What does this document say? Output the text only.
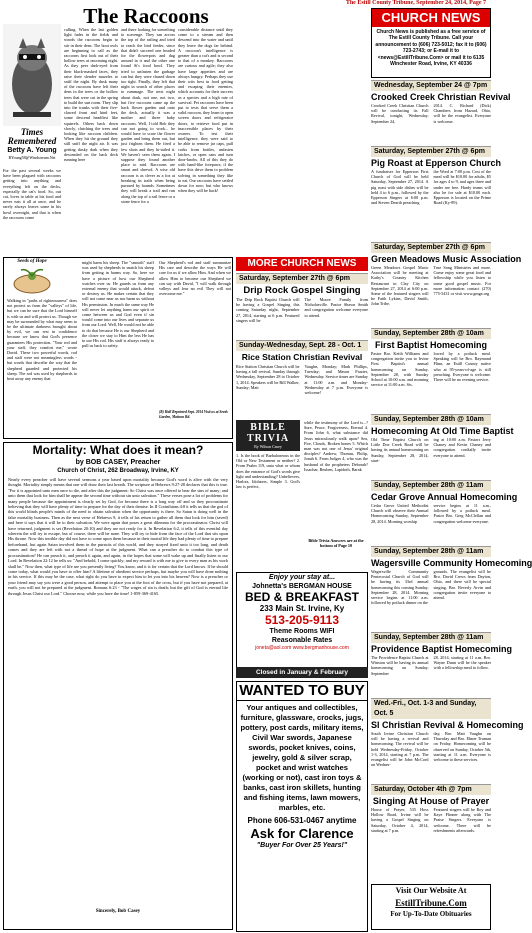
The Estill County Tribune, September 24, 2014, Page 7
The Raccoons
Times Remembered
Betty A. Young
BYoung58@Windstream.Net
For the past several weeks we have been plagued with raccoons getting into anything and everything left on the decks, especially the cat's food. So, out cat, loves to table at his food and never eats it all at once, and he rarely always leaves some in his bowl overnight, and that is when the raccoons come
calling. When the last golden light fades in the fields and woods the raccoons begin to stir in their dens. The hoot owls are beginning to call as the raccoons first look out of their hollow trees at oncoming night. As they peer dark-eyed from their black-masked faces, they raise their slender muzzles to sniff the night. By dusk many of the raccoons have left their dens in the trees or the hollow trees that were cut in the spring to build the sun room. They slip into the trunks with their five-clawed front and hind feet, some descend headfirst like squirrels. Others back down slowly, clutching the trees and looking like raccoon children. When they hit the ground they still sniff the night air. It was getting dusky dark when they descended on the back deck running here
and there looking for something to scavenge. They ran across the top of the railing and tried to reach the bird feeder, since that didn't succeed one headed for the flowerpots and dug around in it and the other one found Si's food bowl. They tried to unfasten the garbage can but they were chased down too tight. Finally, they left that night in search of other places to rummage. The next night about dusk, not one, not two, but five raccoons came up the back flower garden and onto the deck, actually it was a mother and three baby raccoons. Well, I told Bob they can not going to work... he would have to scare the flower garden and bring them out, but just frighten them. He fired a few shots and they hi-tailed it. We haven't seen them again. I suppose they found another place to raid. Raccoons are smart and shrewd. A wise old raccoon is as clever as a fox at breaking its trails when being pursued by hounds. Sometimes they will break a trail and run along the top of a rail fence or a stone fence for a
considerable distance until they come to a stream and then descend into the water and until they leave the dogs far behind. A raccoon's intelligence is greater than a cat's and is second to that of a monkey. Raccoons are curious and agile; they also have large appetites and are always hungry. Perhaps they use their wits best in food getting and escaping their enemies, which accounts for their success as a species and a high rate of survival. Pet raccoons have been put to tests that serve them a valid raccoon, they learn to open screen doors and refrigerator doors, to retrieve food put in inaccessible places by their owners. To test their intelligence, they were said to be able to remove jar caps, pull corks from bottles, unfasten latches, or open cans and turn door-knobs. All of this they do with hand-like forepaws; if the have this drive them to problem solving in something they like to eat. Our raccoons have settled down for now; but who knows when they will be back!
Seeds of Hope
Walking in "paths of righteousness" does not protect us from the "valleys" of life, but we can be sure that the Lord himself is with us and will protect us. Though we may be surrounded by what may seem to be the ultimate darkness brought about by evil, we can rest in confidence because we know that God's presence guarantees His protection. "Your rod and your staff, they comfort me," wrote David. These two powerful words, rod and staff were not meaningless words - but words that describe the way that the shepherd guarded and protected his sheep. The rod was used by shepherds to beat away any enemy that
might harm his sheep. The "smooth" staff was used by shepherds to snatch his sheep from getting in harms way. So, here we have a picture of how our Shepherd watches over us. He guards us from any external enemy that would attack, defeat or destroy us. He makes certain that they will not come near us nor harm us without His permission. In much the same way He will never let anything harm our spirit or come between us and God even if sin would come into our lives and separate us from our Lord. Well, He would not be able to do that because He is our Shepherd and the closer we stay to Him the less He has to use His rod. His staff is always ready to pull us back to safety.
Our Shepherd's rod and staff summarize His care and describe the ways He will care for us if we allow Him. And when we allow Him to become our Shepherd we can say with David, "I will walk through valleys and fear no evil They will not overcome me."
(R) Hall Reprinted Sept. 2014 Visit us at Seeds Garden, Mattson Rd.
Mortality: What does it mean?
by BOB CASEY, Preacher
Church of Christ, 262 Broadway, Irvine, KY
Nearly every preacher will have several sermons a year based upon mortality because God's word is alive with the very thought. Mortality simply means that one will draw their last breath. The scripture at Hebrews 9:27-28 declares that this is true. "For it is appointed unto men once to die, and after this the judgment: So Christ was once offered to bear the sins of many; and unto them that look for him shall he appear the second time without sin unto salvation." These verses pose a lot of problems for many people because the appointment is clearly set by God, for because there is a long way off and so they procrastinate believing that they will have plenty of time to prepare for the day of their demise. In II Corinthians 4:8 it tells us that the god of this world blinds people's minds of the need to obtain salvation when the opportunity is there. So Satan is doing well in the false mortality business. Then as the next verse of Hebrews 9, it tells of his return to gather all them that look for him (saved) and here it says that it will be to their salvation. We were again that poses a great dilemma for the procrastinator. Christ will have returned, judgment is set (Revelation 20:10) and they are not ready for it. In Revelation 6:2, it tells of this eventful day wherein the will try to escape, but of course, there will be none. They will try to hide from the face of the Lord that sits upon His throne. Now this terrible day did not have to come upon them because in their mortal life they had plenty of time to prepare beforehand, but again Satan involved them in the pursuits of this world, and they strayed fixed unto it too long, and death comes and they are left with not a thread of hope at the judgment. What can a preacher do to combat this type of procrastination? He can preach it, and preach it again, and again, in the hopes that some will wake up and finally listen to our Lord. In Revelation 22:12 he tells us: "And behold, I come quickly; and my reward is with me to give to every man as his work shall be." Now then, what type of life are you presently living? You know, and it is for certain that the Lord knows. If he should come today, what would you have to offer him? A lifetime of obedient service perhaps, but maybe you will have done nothing in his service. If this may be the case, what right do you have to expect him to let you into his heaven? Now is a preacher or your friend may say you were a good person, and attempt to place you at the foot of the cross, but if you have not prepared, at earth, you will not be prepared at the judgment. Romans 6:23 - "The wages of sin is death; but the gift of God is eternal life through Jesus Christ our Lord." Choose now, while you have the time! 1-859-369-4165.
Sincerely, Bob Casey
MORE CHURCH NEWS
Saturday, September 27th @ 6pm
Drip Rock Gospel Singing
The Drip Rock Baptist Church will be having a Gospel Singing this coming Saturday night, September 27, 2014, starting at 6 p.m. Featured singers will be
The Moore Family from Nicholasville. Pastor Shawn Smith and congregation welcome everyone to attend.
Sunday-Wednesday, Sept. 28 - Oct. 1
Rice Station Christian Revival
Rice Station Christian Church will be having a fall revival, Sunday through Wednesday, September 28 to October 1, 2014. Speakers will be Bill Walker, Sunday; Matt
Vaughn, Monday; Mark Phillips, Tuesday; and Mason Frazier, Wednesday. Service times are Sunday at 11:00 a.m. and Monday-Wednesday at 7 p.m. Everyone is welcome!
BIBLE TRIVIA
By Wilson Casey
1. Is the book of Barbaloneous in the Old or New Testament or neither? 2. From Psalm 119, unto what or whom does the entrance of God's words give light and understanding? Unbelievers, Harlots, Idolaters, Simple 3. God's law is perfect,
while the testimony of the Lord is...? Sure, Peace, Forgiveness, Eternal 4. From John 6, what substance did Jesus miraculously walk upon? Sea, Fire, Clouds, Broken bones 5. Which man was not one of Jesus' original disciples? Andrew, Thomas, Philip, Jonah 6. From Judges 4, who was the husband of the prophetess Deborah? Issachar, Reuben, Lapidoth, Barak
Bible Trivia Answers are at the bottom of Page 10
Enjoy your stay at...
Johnetta's BERGMAN HOUSE
BED & BREAKFAST
233 Main St. Irvine, Ky
513-205-9113
Theme Rooms WIFI
Reasonable Rates
joneta@aol.com www.bergmanhouse.com
Closed in January & February
WANTED TO BUY
Your antiques and collectibles, furniture, glassware, crocks, jugs, pottery, post cards, military items, Civil War swords, Japanese swords, pocket knives, coins, jewelry, gold & silver scrap, pocket and wrist watches (working or not), cast iron toys & banks, cast iron skillets, hunting and fishing items, lawn mowers, marbles, etc.
Phone 606-531-0467 anytime
Ask for Clarence
"Buyer For Over 25 Years!"
CHURCH NEWS
Church News is published as a free service of The Estill County Tribune. Call your announcement to (606) 723-5012; fax it to (606) 723-2743; or E-mail it to <news@EstillTribune.Com> or mail it to 6135 Winchester Road, Irvine, KY 40336
Wednesday, September 24 @ 7pm
Crooked Creek Christian Revival
Crooked Creek Christian Church will be conducting its Fall Revival, tonight, Wednesday, September 24,
2014. C. Richard (Dick) Chambers from Hazard, Ohio, will be the evangelist. Everyone is welcome.
Saturday, September 27th @ 6pm
Pig Roast at Epperson Church
A fundraiser for Epperson First Church of God will be held Saturday, September 27, 2014. A pig roast with side dishes will be held 4 to 6 p.m., followed by the Epperson Singers at 6:00 p.m. and Steven Dearth preaching
the Word at 7:00 p.m. Cost of the meal will be $10.00 for adults, $5 for ages 4 to 9, and ages three and under are free. Hardy teams will also be for sale at $10.00 each. Epperson is located on the Prime Road (Ky-89).
Saturday, September 27th @ 6pm
Green Meadows Music Association
Green Meadows Gospel Music Association will be meeting at Kathy's Country Kitchen Restaurant in Clay City on September 27, 2014 at 6:00 p.m. Some of the featured singers will be Faith Lykins, David Smith, John Tribe,
True Song Ministries and more. Come enjoy some great food and fellowship while you listen to some good gospel music. For more information contact (270) 775-5431 or visit www.gmga.org
Sunday, September 28th @ 10am
First Baptist Homecoming
Pastor Bro. Keith Williams and congregation invite you to Irvine First Baptist's annual homecoming on Sunday, September 28, with Sunday School at 10:00 a.m. and morning service at 11:00 a.m. Sis.
lowed by a potluck meal. Speaking will be Bro. Raymond Flinn, an Estill County native who at 95-years-of-age is still preaching. Everyone is welcome. There will be no evening service.
Sunday, September 28th @ 10am
Homecoming At Old Time Baptist
Old Time Baptist Church on Little Doe Creek Road will be having its annual homecoming on Sunday, September 28, 2014, start-
ing at 10:00 a.m. Pastors Jerry Chaney and Kevin Chaney and congregation cordially invite everyone to attend.
Sunday, September 28th @ 11am
Cedar Grove Annual Homecoming
Cedar Grove United Methodist Church will observe their Annual Homecoming Sunday, September 28, 2014. Morning worship
service begins at 11 a.m., followed by a potluck meal. Pastor Bro. Greg McClellan and congregation welcome everyone.
Sunday, September 28th @ 11am
Wagersville Community Homecoming
Wagersville Community Pentecostal Church of God will be having its 33rd annual homecoming this coming Sunday, September 28, 2014. Morning service begins at 11:00 a.m. followed by potluck dinner on the
grounds. The evangelist will be Bro. David Crews from Dayton, Ohio, and there will be special singing. Bro. Beverly Arvin and congregation invite everyone to attend.
Sunday, September 28th @ 11am
Providence Baptist Homecoming
The Providence Baptist Church at Winston will be having its annual homecoming on Sunday, September
28, 2014, starting at 11 a.m. Bro. Wayne Dunn will be the speaker with a fellowship meal to follow.
Wed.-Fri., Oct. 1-3 and Sunday, Oct. 5
Sl Christian Revival & Homecoming
South Irvine Christian Church will be having a revival and homecoming. The revival will be held Wednesday-Friday, October 1-3, 2014, starting at 7 p.m. The evangelist will be John McCord on Wednes-
day, Bro. Matt Vaughn on Thursday and Bro. Elmer Truman on Friday. Homecoming will be observed on Sunday, October 5th, starting at 11 a.m. Everyone is welcome to these services.
Saturday, October 4th @ 7pm
Singing At House of Prayer
House of Prayer, 535 Hoss Hollow Road, Irvine will be having a Gospel Singing on Saturday, October 4, 2014, starting at 7 p.m.
Featured singers will be Roy and Kaye Flinner along with The Praise Singers. Everyone is welcome. There will be refreshments afterwards.
Visit Our Website At
EstillTribune.Com
For Up-To-Date Obituaries
